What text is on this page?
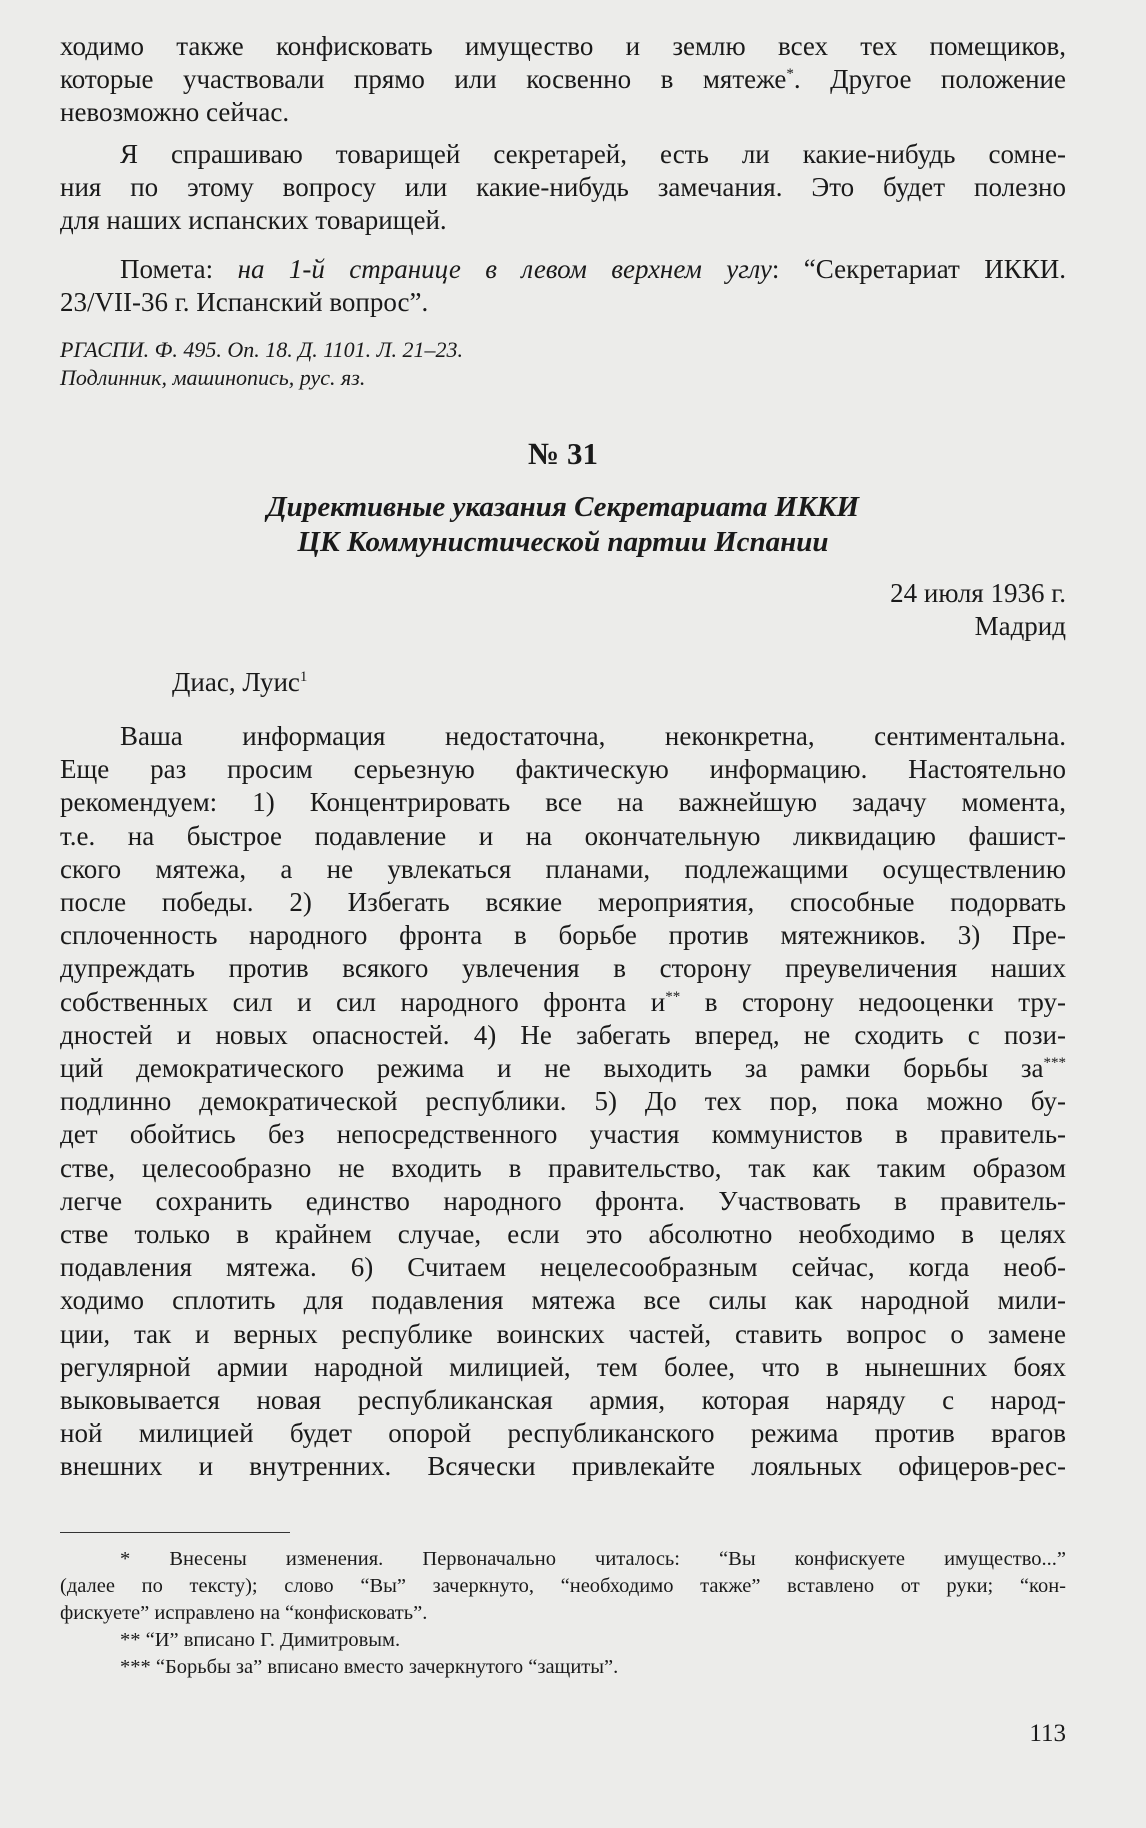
ходимо также конфисковать имущество и землю всех тех помещиков,

которые участвовали прямо или косвенно в мятеже*. Другое положение

невозможно сейчас.

Я спрашиваю товарищей секретарей, есть ли какие-нибудь сомне-

ния по этому вопросу или какие-нибудь замечания. Это будет полезно

для наших испанских товарищей.

Помета: на 1-й странице в левом верхнем углу: “Секретариат ИККИ.

23/VII-36 г. Испанский вопрос”.

РГАСПИ. Ф. 495. Оп. 18. Д. 1101. Л. 21–23.

Подлинник, машинопись, рус. яз.

№ 31

Директивные указания Секретариата ИККИ

ЦК Коммунистической партии Испании

24 июля 1936 г.

Мадрид

Диас, Луис$^1$

Ваша информация недостаточна, неконкретна, сентиментальна.

Еще раз просим серьезную фактическую информацию. Настоятельно

рекомендуем: 1) Концентрировать все на важнейшую задачу момента,

т.е. на быстрое подавление и на окончательную ликвидацию фашист-

ского мятежа, а не увлекаться планами, подлежащими осуществлению

после победы. 2) Избегать всякие мероприятия, способные подорвать

сплоченность народного фронта в борьбе против мятежников. 3) Пре-

дупреждать против всякого увлечения в сторону преувеличения наших

собственных сил и сил народного фронта и** в сторону недооценки тру-

дностей и новых опасностей. 4) Не забегать вперед, не сходить с пози-

ций демократического режима и не выходить за рамки борьбы за***

подлинно демократической республики. 5) До тех пор, пока можно бу-

дет обойтись без непосредственного участия коммунистов в правитель-

стве, целесообразно не входить в правительство, так как таким образом

легче сохранить единство народного фронта. Участвовать в правитель-

стве только в крайнем случае, если это абсолютно необходимо в целях

подавления мятежа. 6) Считаем нецелесообразным сейчас, когда необ-

ходимо сплотить для подавления мятежа все силы как народной мили-

ции, так и верных республике воинских частей, ставить вопрос о замене

регулярной армии народной милицией, тем более, что в нынешних боях

выковывается новая республиканская армия, которая наряду с народ-

ной милицией будет опорой республиканского режима против врагов

внешних и внутренних. Всячески привлекайте лояльных офицеров-рес-

* Внесены изменения. Первоначально читалось: “Вы конфискуете имущество...”

(далее по тексту); слово “Вы” зачеркнуто, “необходимо также” вставлено от руки; “кон-

фискуете” исправлено на “конфисковать”.

** “И” вписано Г. Димитровым.

*** “Борьбы за” вписано вместо зачеркнутого “защиты”.

113
